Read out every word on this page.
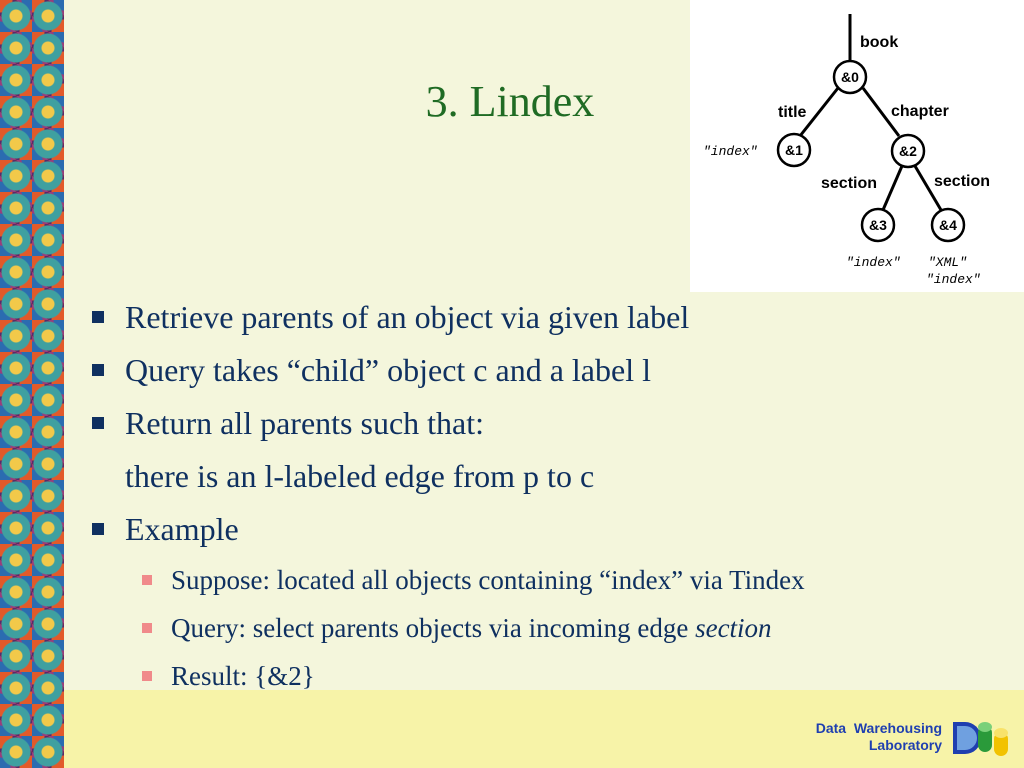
3. Lindex	&0
&1	&2
&3	&4
book
title	chapter
section	section
"index"
"index" "XML"
"index"
Retrieve parents of an object via given label
Query takes “child” object c and a label l
Return all parents such that:
there is an l-labeled edge from p to c
Example
Suppose: located all objects containing “index” via Tindex
Query: select parents objects via incoming edge section
Result: {&2}
Data  Warehousing
Laboratory
